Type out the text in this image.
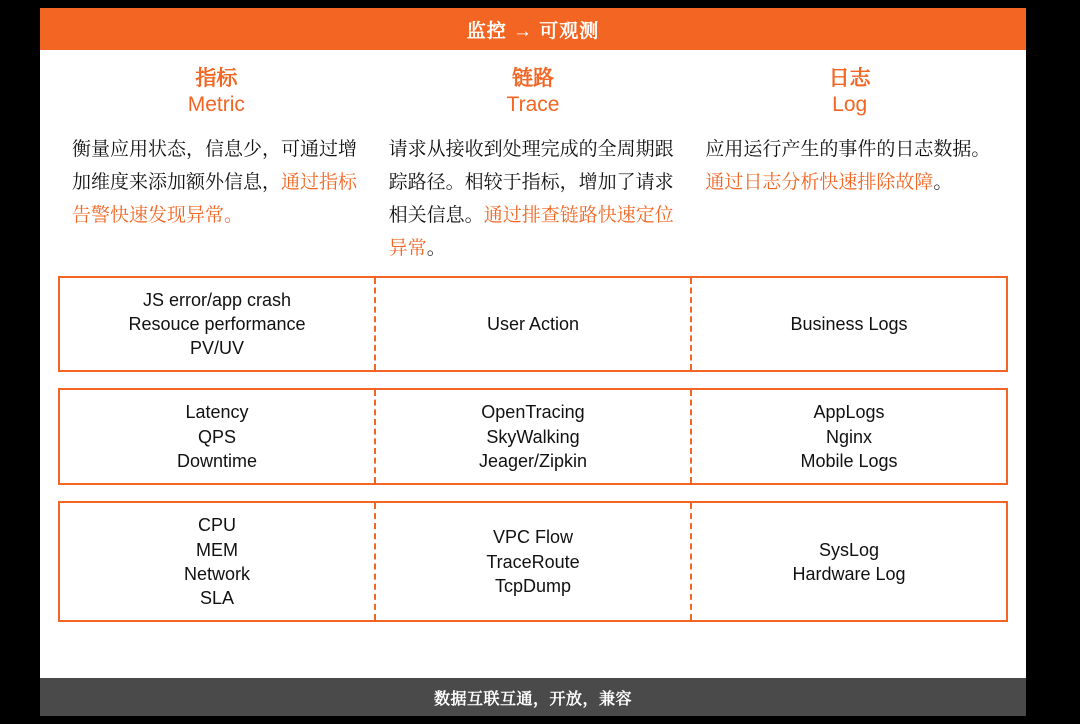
监控 → 可观测
指标
Metric
链路
Trace
日志
Log
衡量应用状态，信息少，可通过增加维度来添加额外信息，通过指标告警快速发现异常。
请求从接收到处理完成的全周期跟踪路径。相较于指标，增加了请求相关信息。通过排查链路快速定位异常。
应用运行产生的事件的日志数据。通过日志分析快速排除故障。
JS error/app crash
Resouce performance
PV/UV
User Action	Business Logs
Latency
QPS
Downtime
OpenTracing
SkyWalking
Jeager/Zipkin
AppLogs
Nginx
Mobile Logs
CPU
MEM
Network
SLA
VPC Flow
TraceRoute
TcpDump
SysLog
Hardware Log
数据互联互通，开放，兼容
